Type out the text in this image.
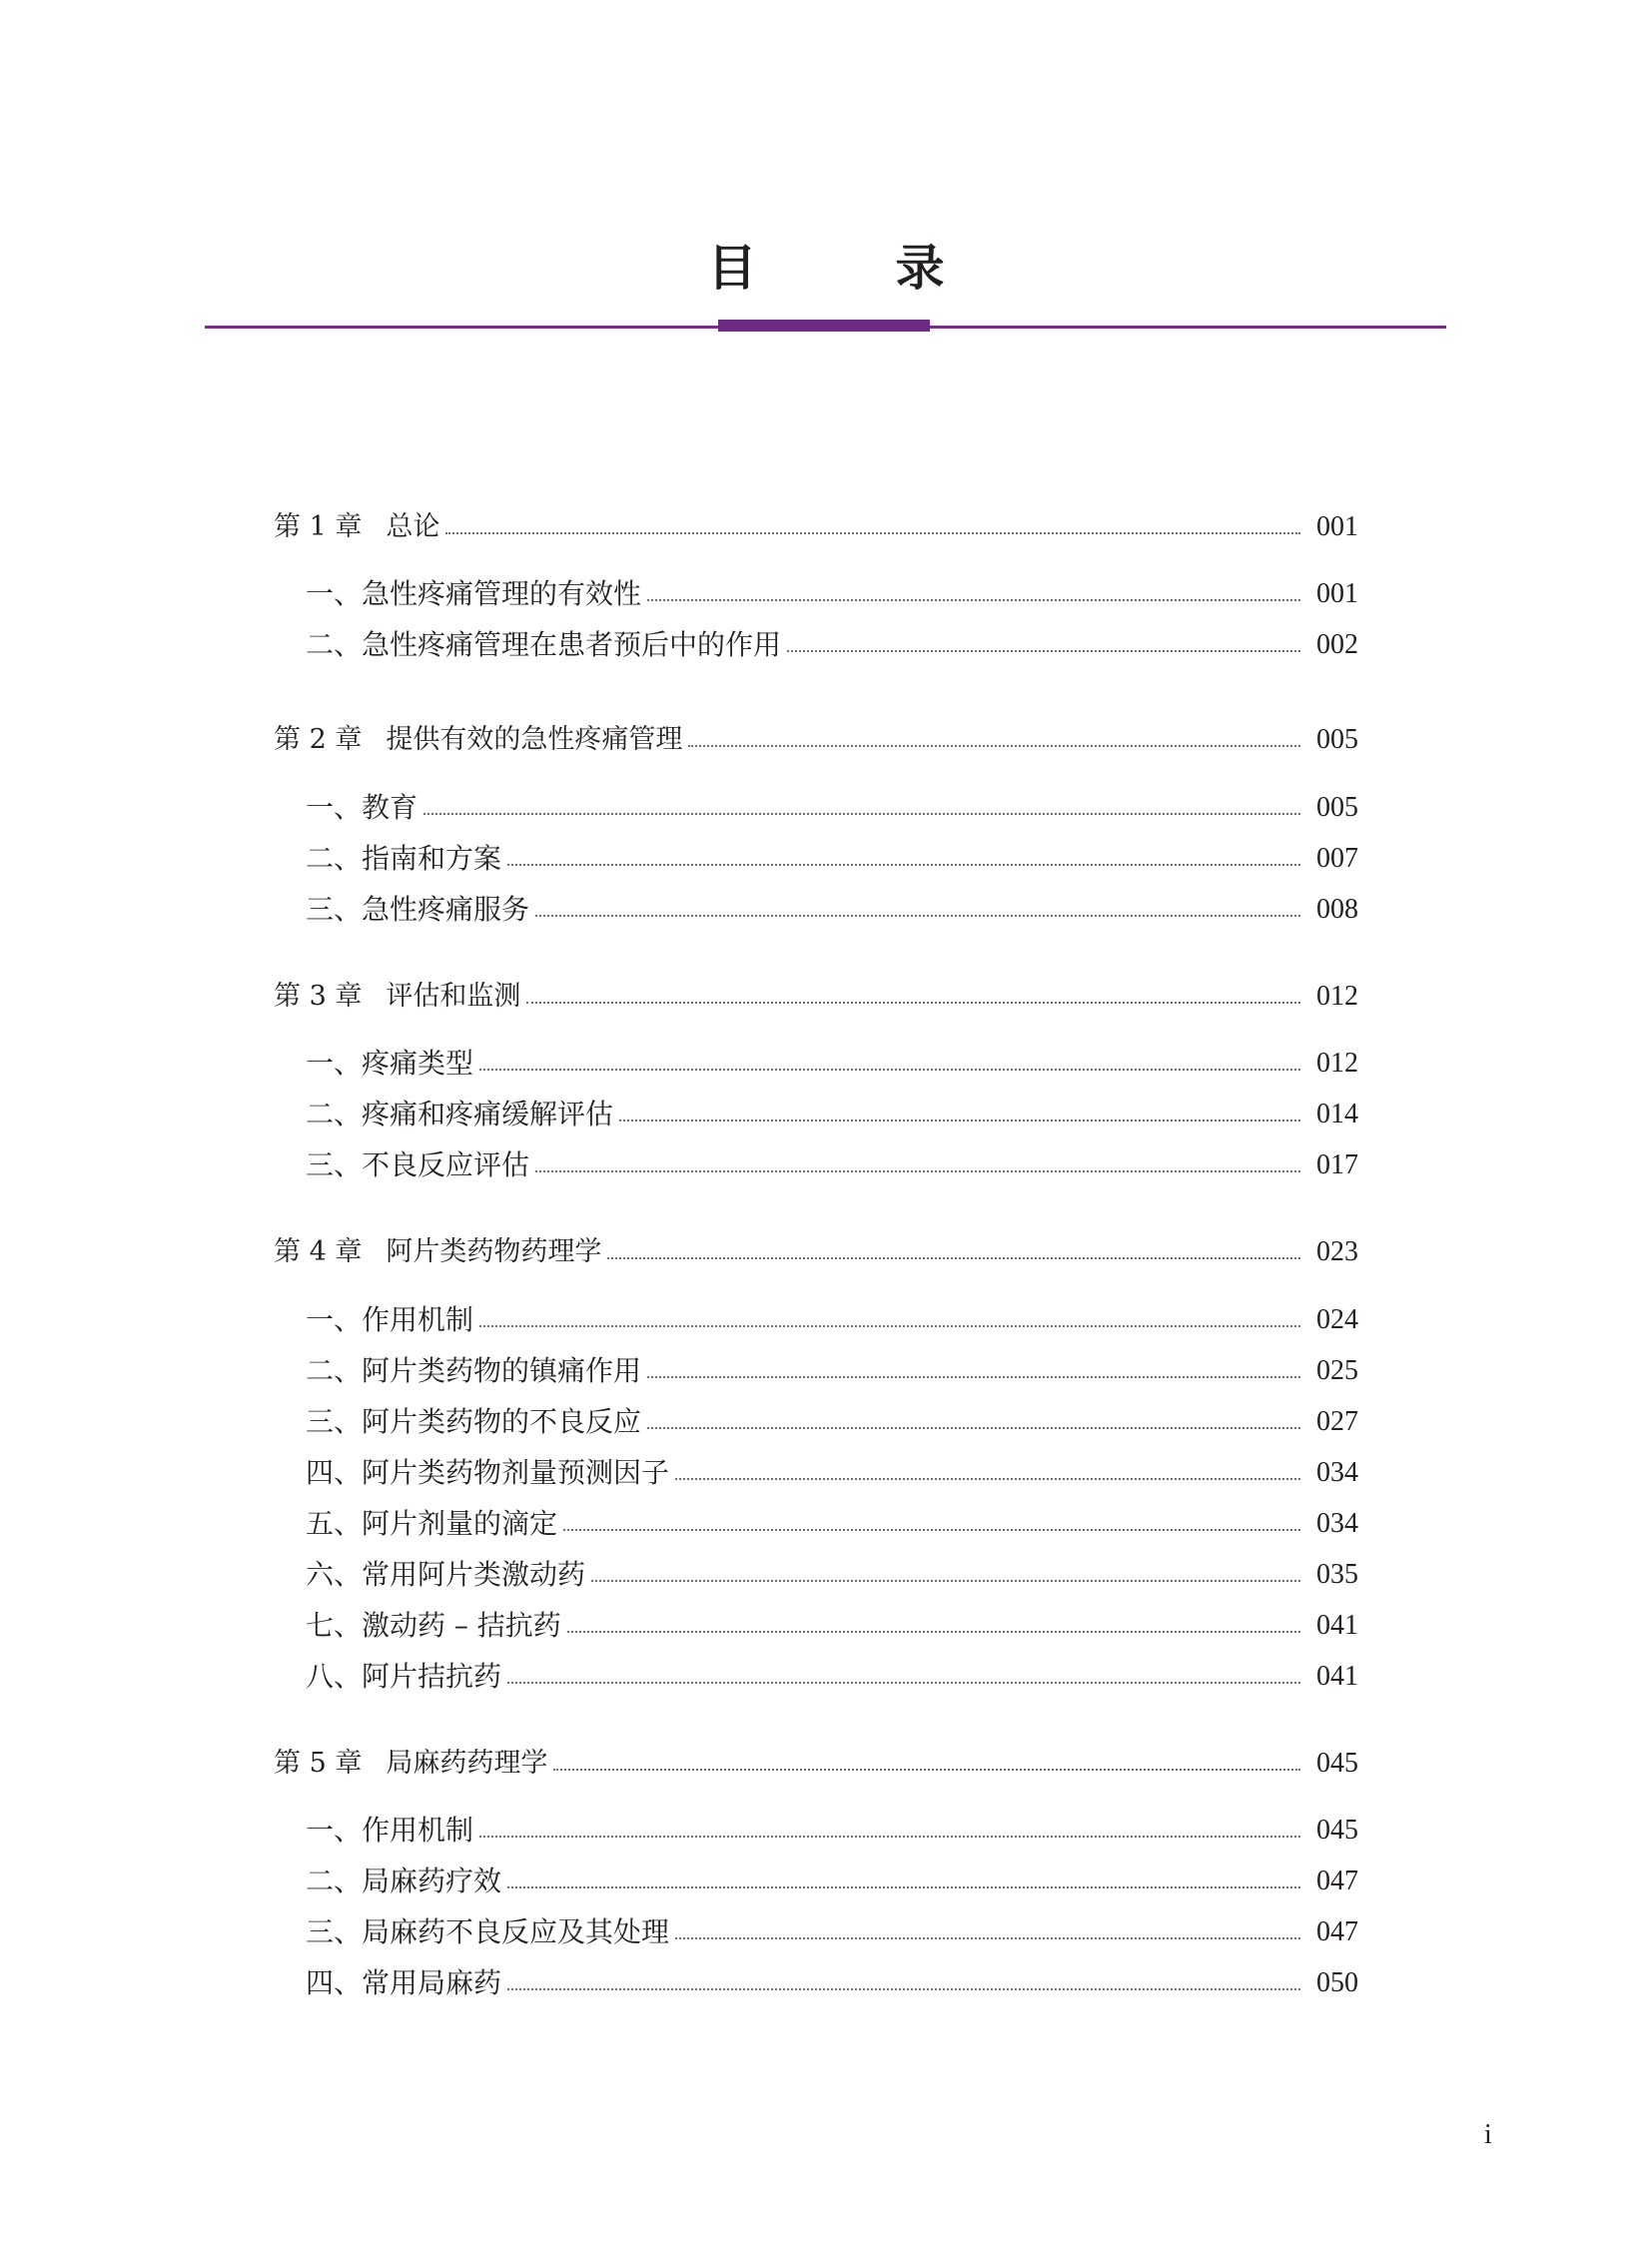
目　录
第 1 章 总论	001
一、急性疼痛管理的有效性	001
二、急性疼痛管理在患者预后中的作用	002
第 2 章 提供有效的急性疼痛管理	005
一、教育	005
二、指南和方案	007
三、急性疼痛服务	008
第 3 章 评估和监测	012
一、疼痛类型	012
二、疼痛和疼痛缓解评估	014
三、不良反应评估	017
第 4 章 阿片类药物药理学	023
一、作用机制	024
二、阿片类药物的镇痛作用	025
三、阿片类药物的不良反应	027
四、阿片类药物剂量预测因子	034
五、阿片剂量的滴定	034
六、常用阿片类激动药	035
七、激动药 – 拮抗药	041
八、阿片拮抗药	041
第 5 章 局麻药药理学	045
一、作用机制	045
二、局麻药疗效	047
三、局麻药不良反应及其处理	047
四、常用局麻药	050
i
